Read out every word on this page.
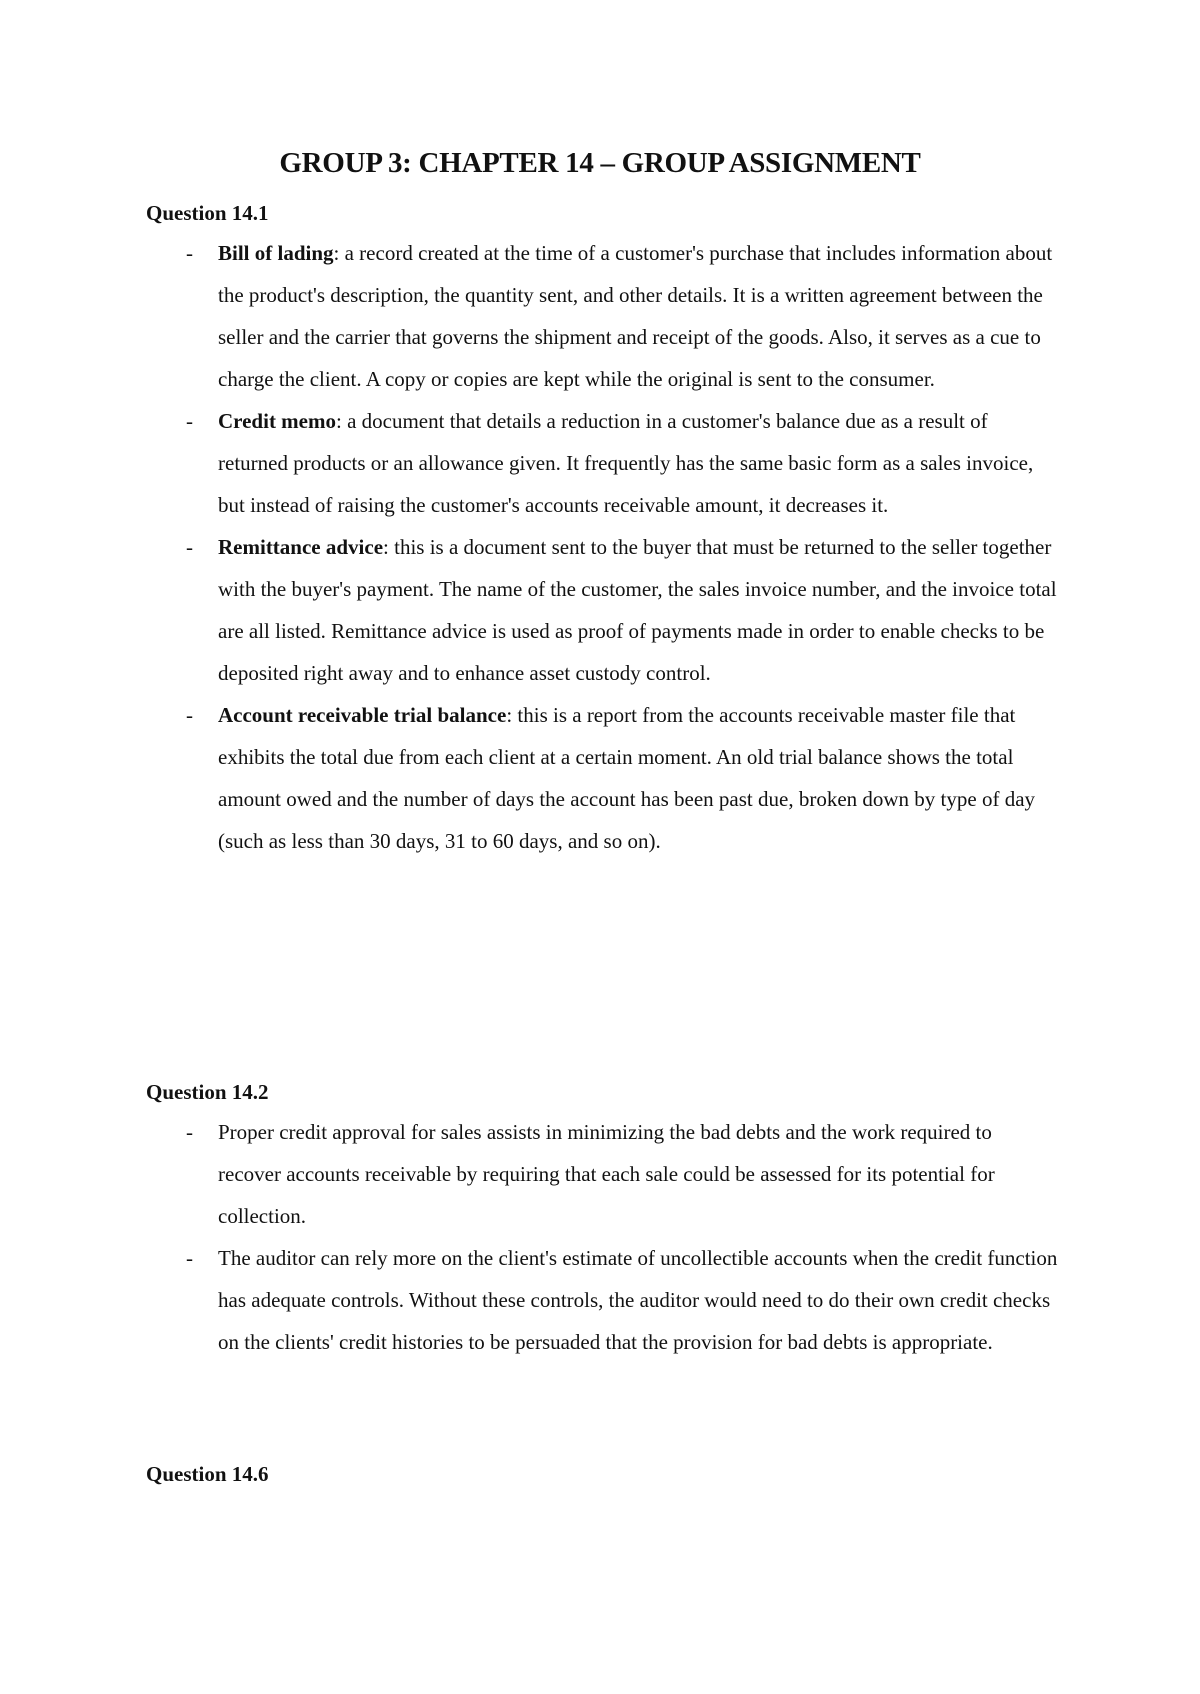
GROUP 3: CHAPTER 14 – GROUP ASSIGNMENT
Question 14.1
- Bill of lading: a record created at the time of a customer's purchase that includes information about the product's description, the quantity sent, and other details. It is a written agreement between the seller and the carrier that governs the shipment and receipt of the goods. Also, it serves as a cue to charge the client. A copy or copies are kept while the original is sent to the consumer.
- Credit memo: a document that details a reduction in a customer's balance due as a result of returned products or an allowance given. It frequently has the same basic form as a sales invoice, but instead of raising the customer's accounts receivable amount, it decreases it.
- Remittance advice: this is a document sent to the buyer that must be returned to the seller together with the buyer's payment. The name of the customer, the sales invoice number, and the invoice total are all listed. Remittance advice is used as proof of payments made in order to enable checks to be deposited right away and to enhance asset custody control.
- Account receivable trial balance: this is a report from the accounts receivable master file that exhibits the total due from each client at a certain moment. An old trial balance shows the total amount owed and the number of days the account has been past due, broken down by type of day (such as less than 30 days, 31 to 60 days, and so on).
Question 14.2
- Proper credit approval for sales assists in minimizing the bad debts and the work required to recover accounts receivable by requiring that each sale could be assessed for its potential for collection.
- The auditor can rely more on the client's estimate of uncollectible accounts when the credit function has adequate controls. Without these controls, the auditor would need to do their own credit checks on the clients' credit histories to be persuaded that the provision for bad debts is appropriate.
Question 14.6
